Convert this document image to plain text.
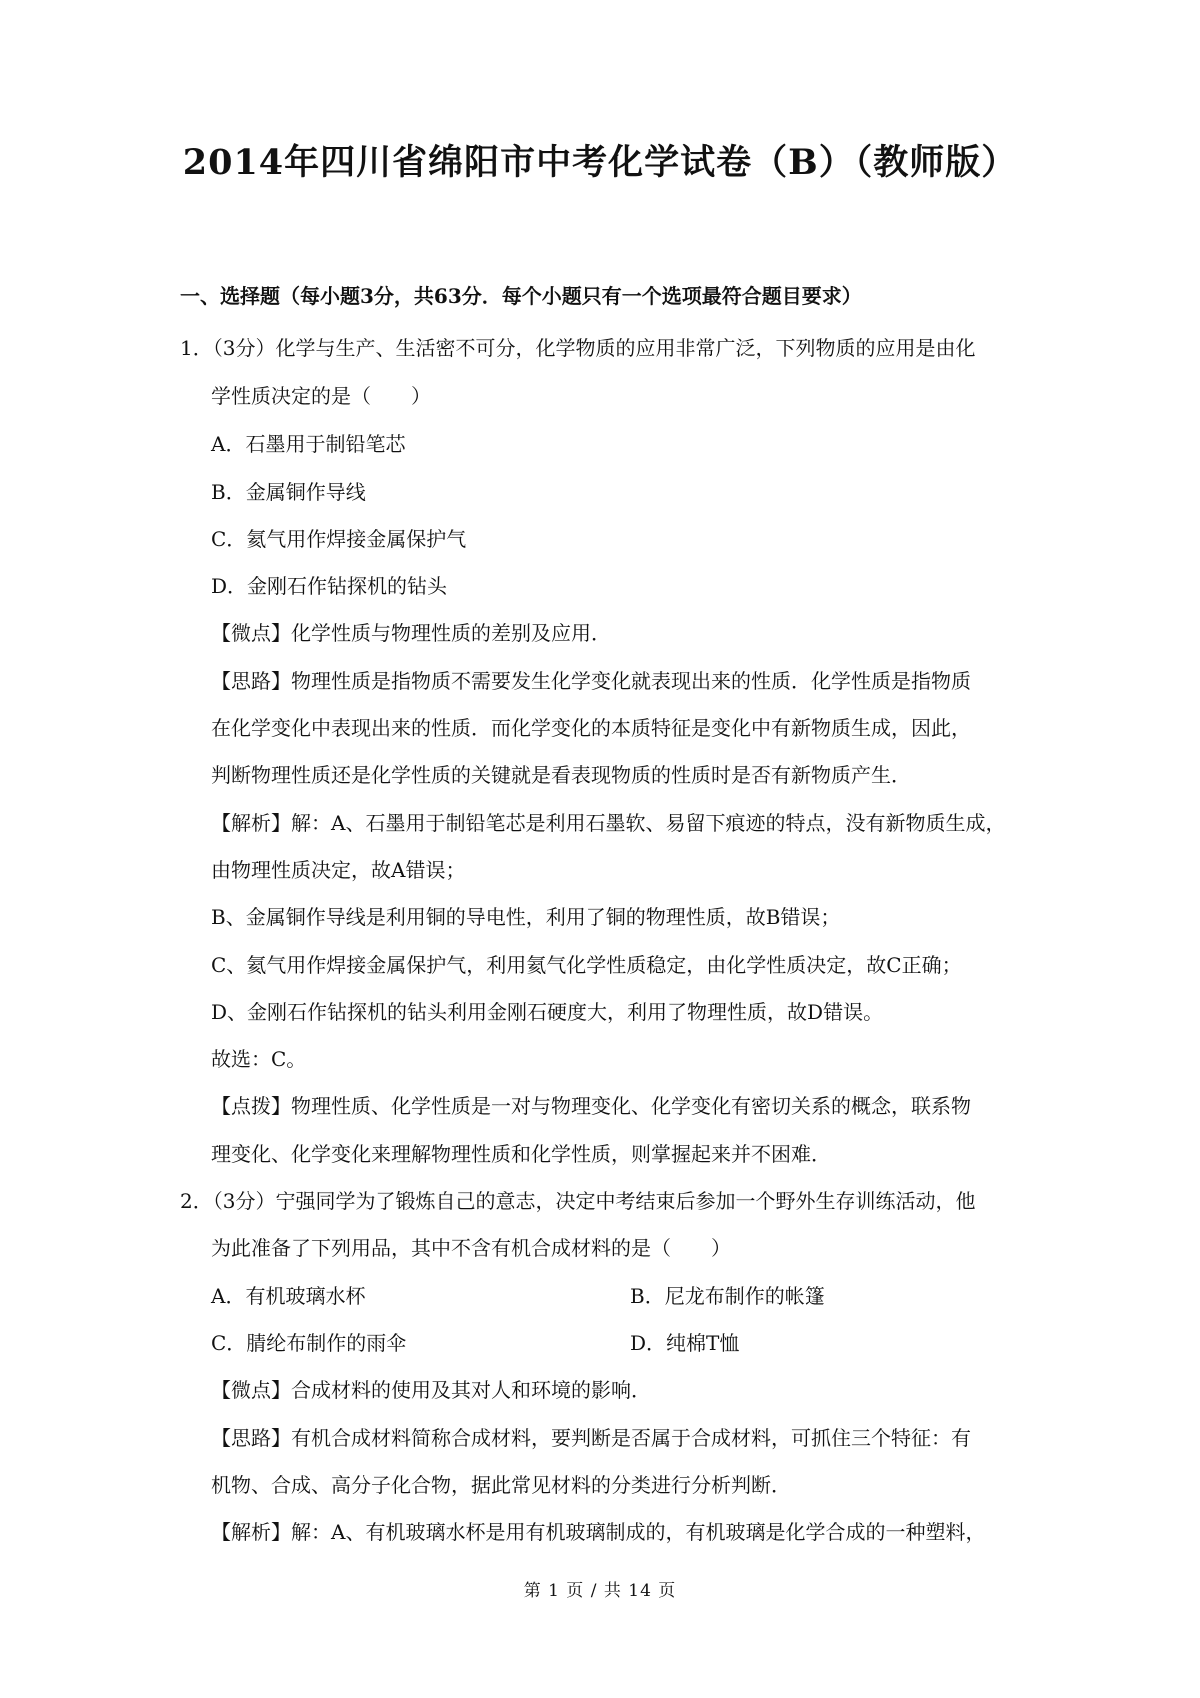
2014年四川省绵阳市中考化学试卷（B）（教师版）
一、选择题（每小题3分，共63分．每个小题只有一个选项最符合题目要求）
1．（3分）化学与生产、生活密不可分，化学物质的应用非常广泛，下列物质的应用是由化
学性质决定的是（　　）
A．石墨用于制铅笔芯
B．金属铜作导线
C．氦气用作焊接金属保护气
D．金刚石作钻探机的钻头
【微点】化学性质与物理性质的差别及应用．
【思路】物理性质是指物质不需要发生化学变化就表现出来的性质．化学性质是指物质
在化学变化中表现出来的性质．而化学变化的本质特征是变化中有新物质生成，因此，
判断物理性质还是化学性质的关键就是看表现物质的性质时是否有新物质产生．
【解析】解：A、石墨用于制铅笔芯是利用石墨软、易留下痕迹的特点，没有新物质生成，
由物理性质决定，故A错误；
B、金属铜作导线是利用铜的导电性，利用了铜的物理性质，故B错误；
C、氦气用作焊接金属保护气，利用氦气化学性质稳定，由化学性质决定，故C正确；
D、金刚石作钻探机的钻头利用金刚石硬度大，利用了物理性质，故D错误。
故选：C。
【点拨】物理性质、化学性质是一对与物理变化、化学变化有密切关系的概念，联系物
理变化、化学变化来理解物理性质和化学性质，则掌握起来并不困难．
2．（3分）宁强同学为了锻炼自己的意志，决定中考结束后参加一个野外生存训练活动，他
为此准备了下列用品，其中不含有机合成材料的是（　　）
A．有机玻璃水杯	B．尼龙布制作的帐篷
C．腈纶布制作的雨伞	D．纯棉T恤
【微点】合成材料的使用及其对人和环境的影响．
【思路】有机合成材料简称合成材料，要判断是否属于合成材料，可抓住三个特征：有
机物、合成、高分子化合物，据此常见材料的分类进行分析判断．
【解析】解：A、有机玻璃水杯是用有机玻璃制成的，有机玻璃是化学合成的一种塑料，
第 1 页 / 共 14 页
